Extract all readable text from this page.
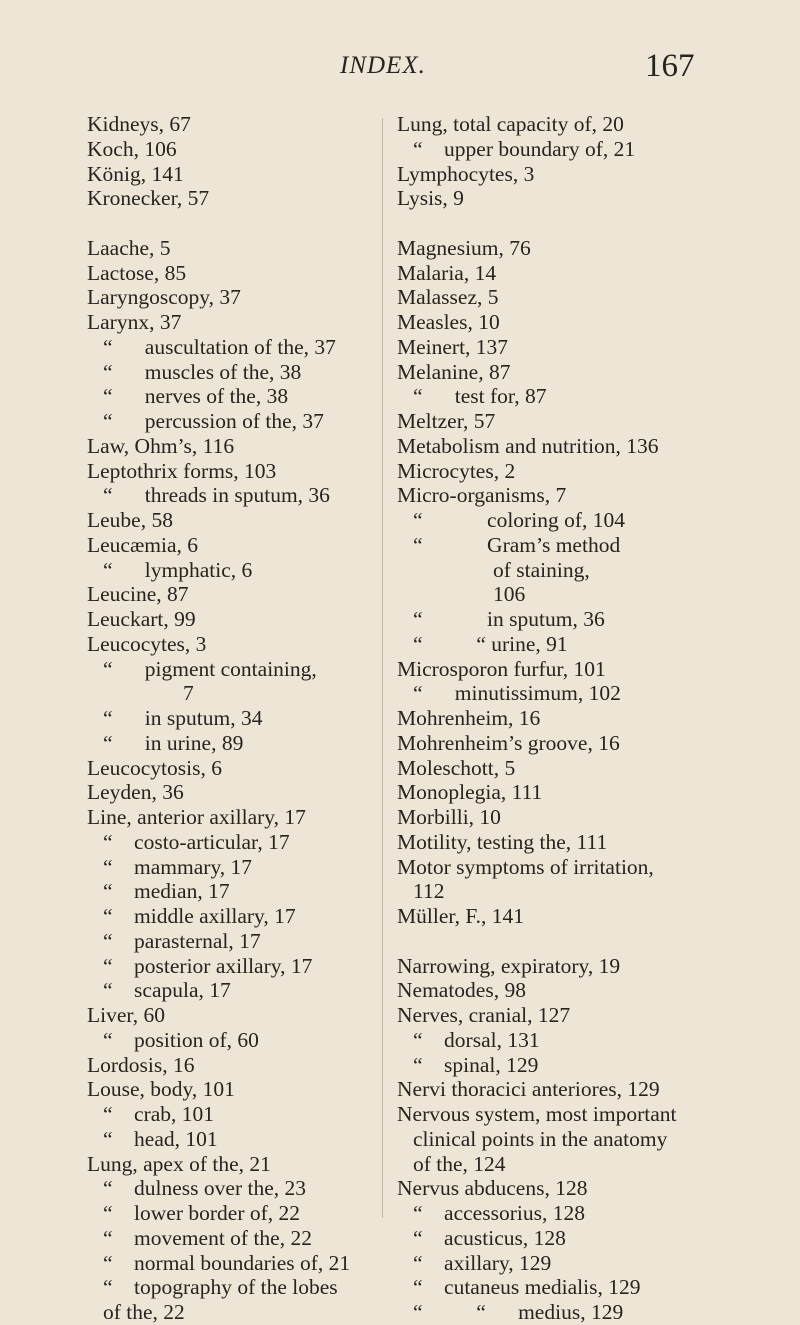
INDEX.	167
Kidneys, 67
Koch, 106
König, 141
Kronecker, 57
Laache, 5
Lactose, 85
Laryngoscopy, 37
Larynx, 37
“  auscultation of the, 37
“  muscles of the, 38
“  nerves of the, 38
“  percussion of the, 37
Law, Ohm’s, 116
Leptothrix forms, 103
“  threads in sputum, 36
Leube, 58
Leucæmia, 6
“  lymphatic, 6
Leucine, 87
Leuckart, 99
Leucocytes, 3
“  pigment containing,
7
“  in sputum, 34
“  in urine, 89
Leucocytosis, 6
Leyden, 36
Line, anterior axillary, 17
“ costo-articular, 17
“ mammary, 17
“ median, 17
“ middle axillary, 17
“ parasternal, 17
“ posterior axillary, 17
“ scapula, 17
Liver, 60
“ position of, 60
Lordosis, 16
Louse, body, 101
“ crab, 101
“ head, 101
Lung, apex of the, 21
“ dulness over the, 23
“ lower border of, 22
“ movement of the, 22
“ normal boundaries of, 21
“ topography of the lobes
of the, 22
Lung, total capacity of, 20
“ upper boundary of, 21
Lymphocytes, 3
Lysis, 9
Magnesium, 76
Malaria, 14
Malassez, 5
Measles, 10
Meinert, 137
Melanine, 87
“  test for, 87
Meltzer, 57
Metabolism and nutrition, 136
Microcytes, 2
Micro-organisms, 7
“   coloring of, 104
“   Gram’s method
of staining,
106
“   in sputum, 36
“   “ urine, 91
Microsporon furfur, 101
“  minutissimum, 102
Mohrenheim, 16
Mohrenheim’s groove, 16
Moleschott, 5
Monoplegia, 111
Morbilli, 10
Motility, testing the, 111
Motor symptoms of irritation,
112
Müller, F., 141
Narrowing, expiratory, 19
Nematodes, 98
Nerves, cranial, 127
“ dorsal, 131
“ spinal, 129
Nervi thoracici anteriores, 129
Nervous system, most important
clinical points in the anatomy
of the, 124
Nervus abducens, 128
“ accessorius, 128
“ acusticus, 128
“ axillary, 129
“ cutaneus medialis, 129
“   “  medius, 129
